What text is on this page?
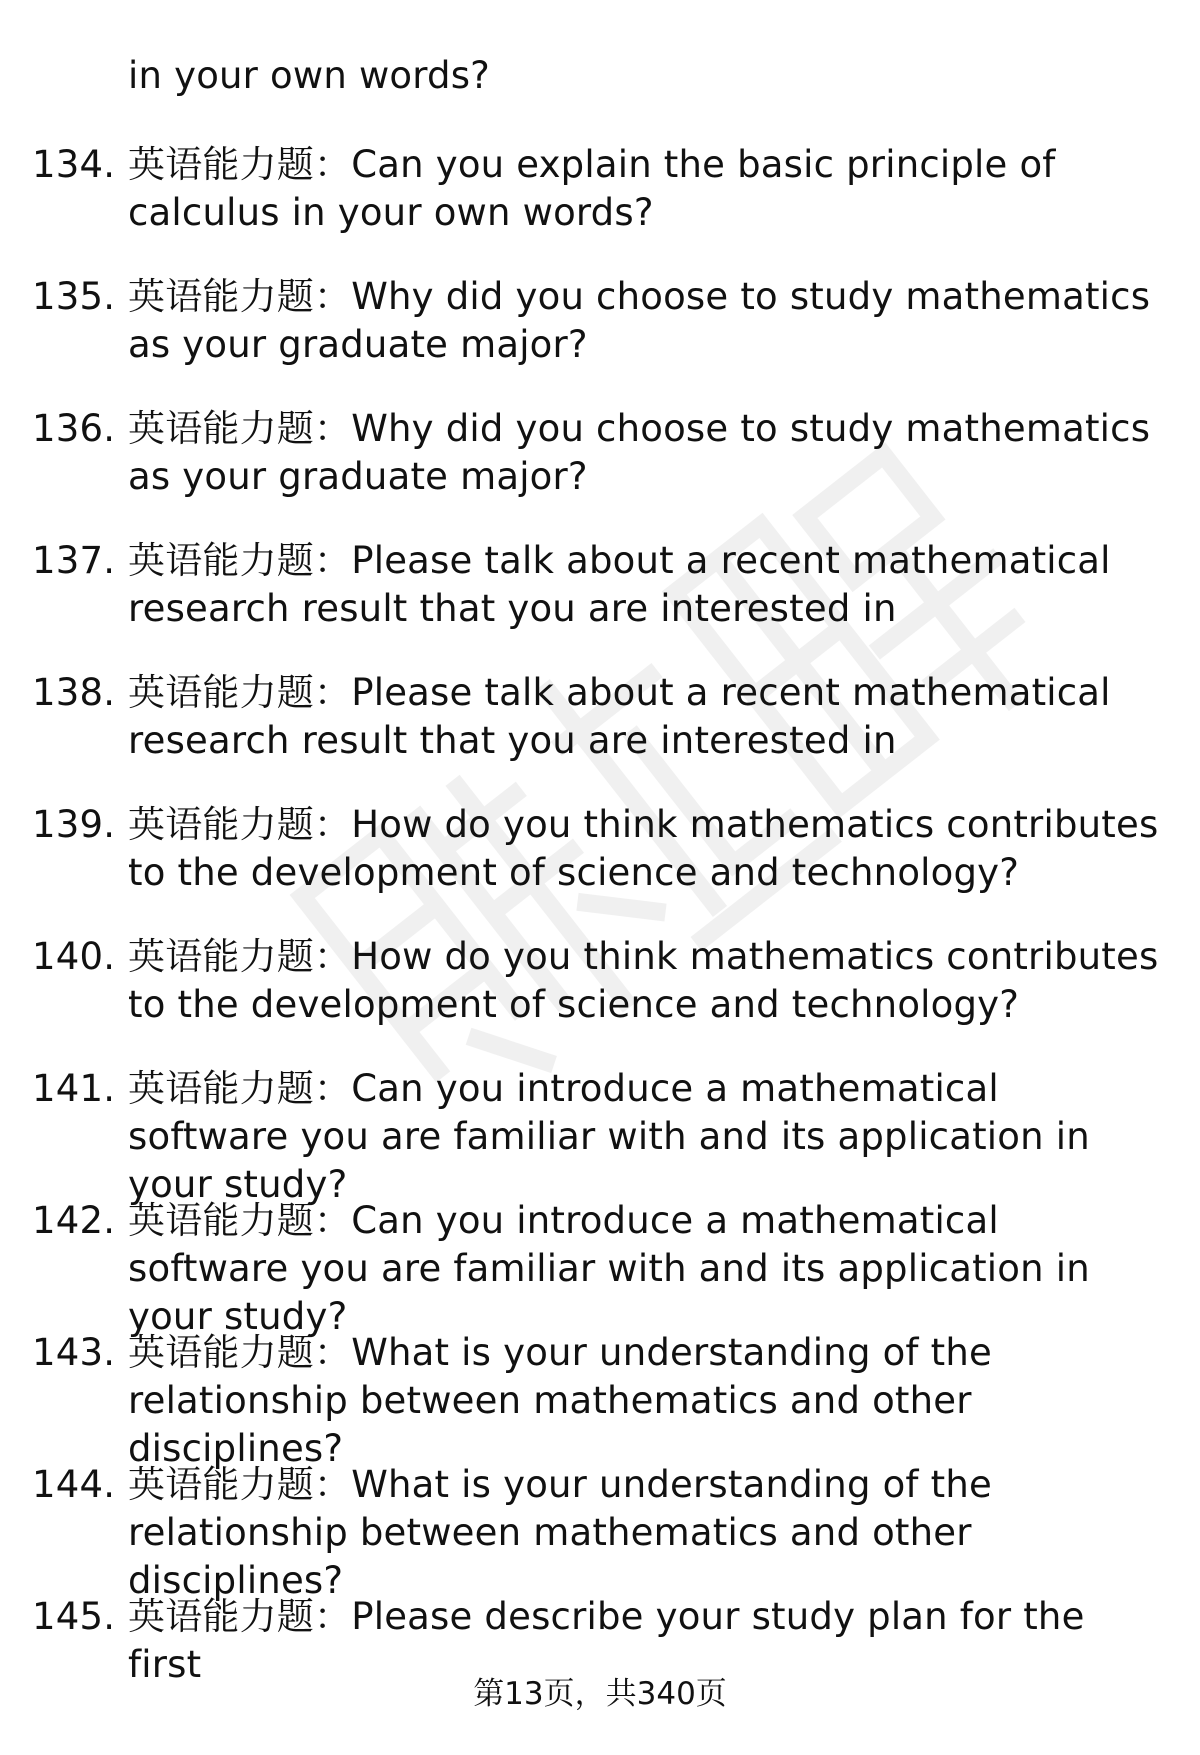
in your own words?
134. 英语能力题：Can you explain the basic principle of calculus in your own words?
135. 英语能力题：Why did you choose to study mathematics as your graduate major?
136. 英语能力题：Why did you choose to study mathematics as your graduate major?
137. 英语能力题：Please talk about a recent mathematical research result that you are interested in
138. 英语能力题：Please talk about a recent mathematical research result that you are interested in
139. 英语能力题：How do you think mathematics contributes to the development of science and technology?
140. 英语能力题：How do you think mathematics contributes to the development of science and technology?
141. 英语能力题：Can you introduce a mathematical software you are familiar with and its application in your study?
142. 英语能力题：Can you introduce a mathematical software you are familiar with and its application in your study?
143. 英语能力题：What is your understanding of the relationship between mathematics and other disciplines?
144. 英语能力题：What is your understanding of the relationship between mathematics and other disciplines?
145. 英语能力题：Please describe your study plan for the first
第13页，共340页
